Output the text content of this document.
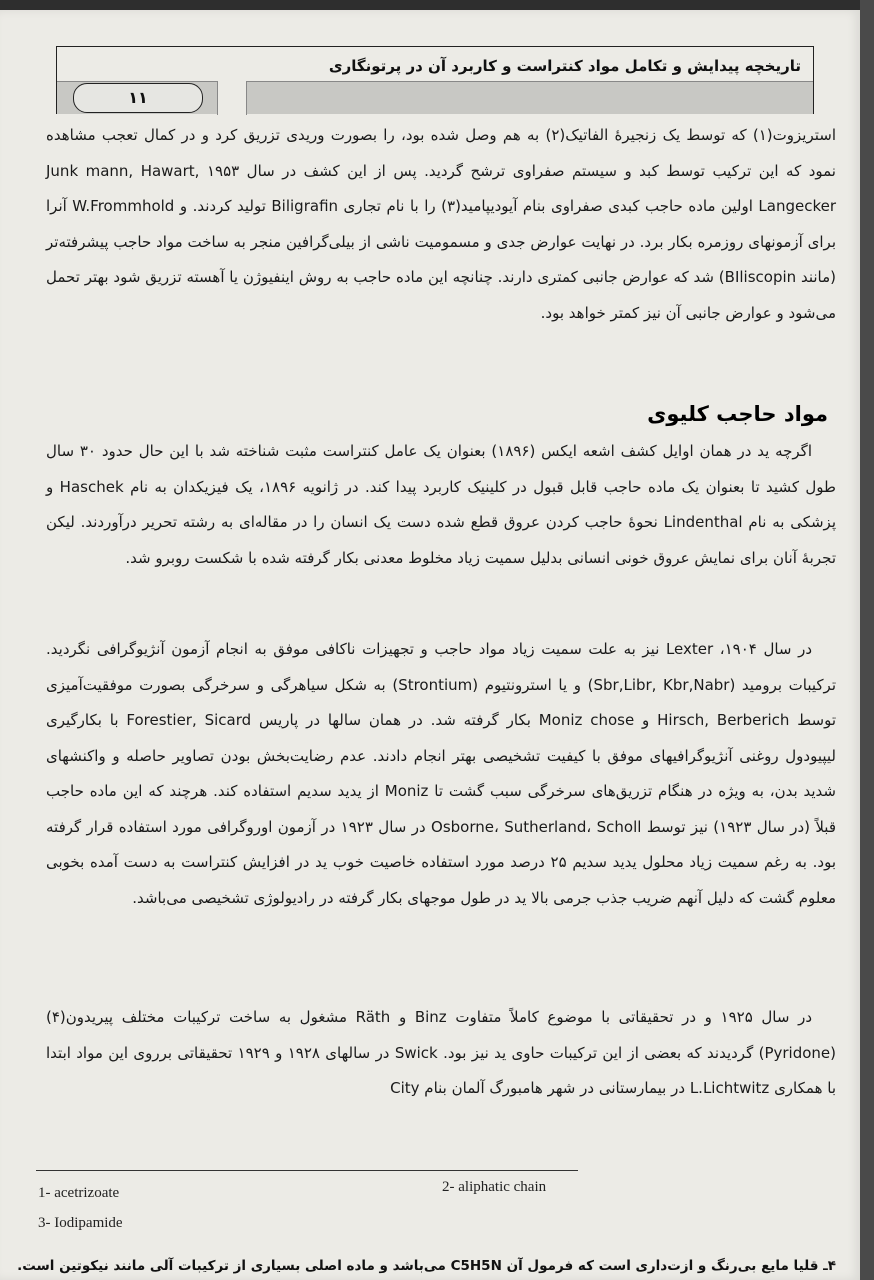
تاریخچه پیدایش و تکامل مواد کنتراست و کاربرد آن در پرتونگاری
۱۱

استریزوت(۱) که توسط یک زنجیرۀ الفاتیک(۲) به هم وصل شده بود، را بصورت وریدی تزریق کرد و در کمال تعجب مشاهده نمود که این ترکیب توسط کبد و سیستم صفراوی ترشح گردید. پس از این کشف در سال ۱۹۵۳ Junk mann, Hawart, Langecker اولین ماده حاجب کبدی صفراوی بنام آیودیپامید(۳) را با نام تجاری Biligrafin تولید کردند. و W.Frommhold آنرا برای آزمونهای روزمره بکار برد. در نهایت عوارض جدی و مسمومیت ناشی از بیلی‌گرافین منجر به ساخت مواد حاجب پیشرفته‌تر (مانند BIliscopin) شد که عوارض جانبی کمتری دارند. چنانچه این ماده حاجب به روش اینفیوژن یا آهسته تزریق شود بهتر تحمل می‌شود و عوارض جانبی آن نیز کمتر خواهد بود.

مواد حاجب کلیوی

اگرچه ید در همان اوایل کشف اشعه ایکس (۱۸۹۶) بعنوان یک عامل کنتراست مثبت شناخته شد با این حال حدود ۳۰ سال طول کشید تا بعنوان یک ماده حاجب قابل قبول در کلینیک کاربرد پیدا کند. در ژانویه ۱۸۹۶، یک فیزیکدان به نام Haschek و پزشکی به نام Lindenthal نحوۀ حاجب کردن عروق قطع شده دست یک انسان را در مقاله‌ای به رشته تحریر درآوردند. لیکن تجربۀ آنان برای نمایش عروق خونی انسانی بدلیل سمیت زیاد مخلوط معدنی بکار گرفته شده با شکست روبرو شد.

در سال ۱۹۰۴، Lexter نیز به علت سمیت زیاد مواد حاجب و تجهیزات ناکافی موفق به انجام آزمون آنژیوگرافی نگردید. ترکیبات برومید (Sbr,Libr, Kbr,Nabr) و یا استرونتیوم (Strontium) به شکل سیاهرگی و سرخرگی بصورت موفقیت‌آمیزی توسط Hirsch, Berberich و Moniz chose بکار گرفته شد. در همان سالها در پاریس Forestier, Sicard با بکارگیری لیپیودول روغنی آنژیوگرافیهای موفق با کیفیت تشخیصی بهتر انجام دادند. عدم رضایت‌بخش بودن تصاویر حاصله و واکنشهای شدید بدن، به ویژه در هنگام تزریق‌های سرخرگی سبب گشت تا Moniz از یدید سدیم استفاده کند. هرچند که این ماده حاجب قبلاً (در سال ۱۹۲۳) نیز توسط Osborne، Sutherland، Scholl در سال ۱۹۲۳ در آزمون اوروگرافی مورد استفاده قرار گرفته بود. به رغم سمیت زیاد محلول یدید سدیم ۲۵ درصد مورد استفاده خاصیت خوب ید در افزایش کنتراست به دست آمده بخوبی معلوم گشت که دلیل آنهم ضریب جذب جرمی بالا ید در طول موجهای بکار گرفته در رادیولوژی تشخیصی می‌باشد.

در سال ۱۹۲۵ و در تحقیقاتی با موضوع کاملاً متفاوت Binz و Räth مشغول به ساخت ترکیبات مختلف پیریدون(۴) (Pyridone) گردیدند که بعضی از این ترکیبات حاوی ید نیز بود. Swick در سالهای ۱۹۲۸ و ۱۹۲۹ تحقیقاتی برروی این مواد ابتدا با همکاری L.Lichtwitz در بیمارستانی در شهر هامبورگ آلمان بنام City

1- acetrizoate	2- aliphatic chain
3- Iodipamide
۴ـ قلیا مایع بی‌رنگ و ازت‌داری است که فرمول آن C5H5N می‌باشد و ماده اصلی بسیاری از ترکیبات آلی مانند نیکوتین است.
